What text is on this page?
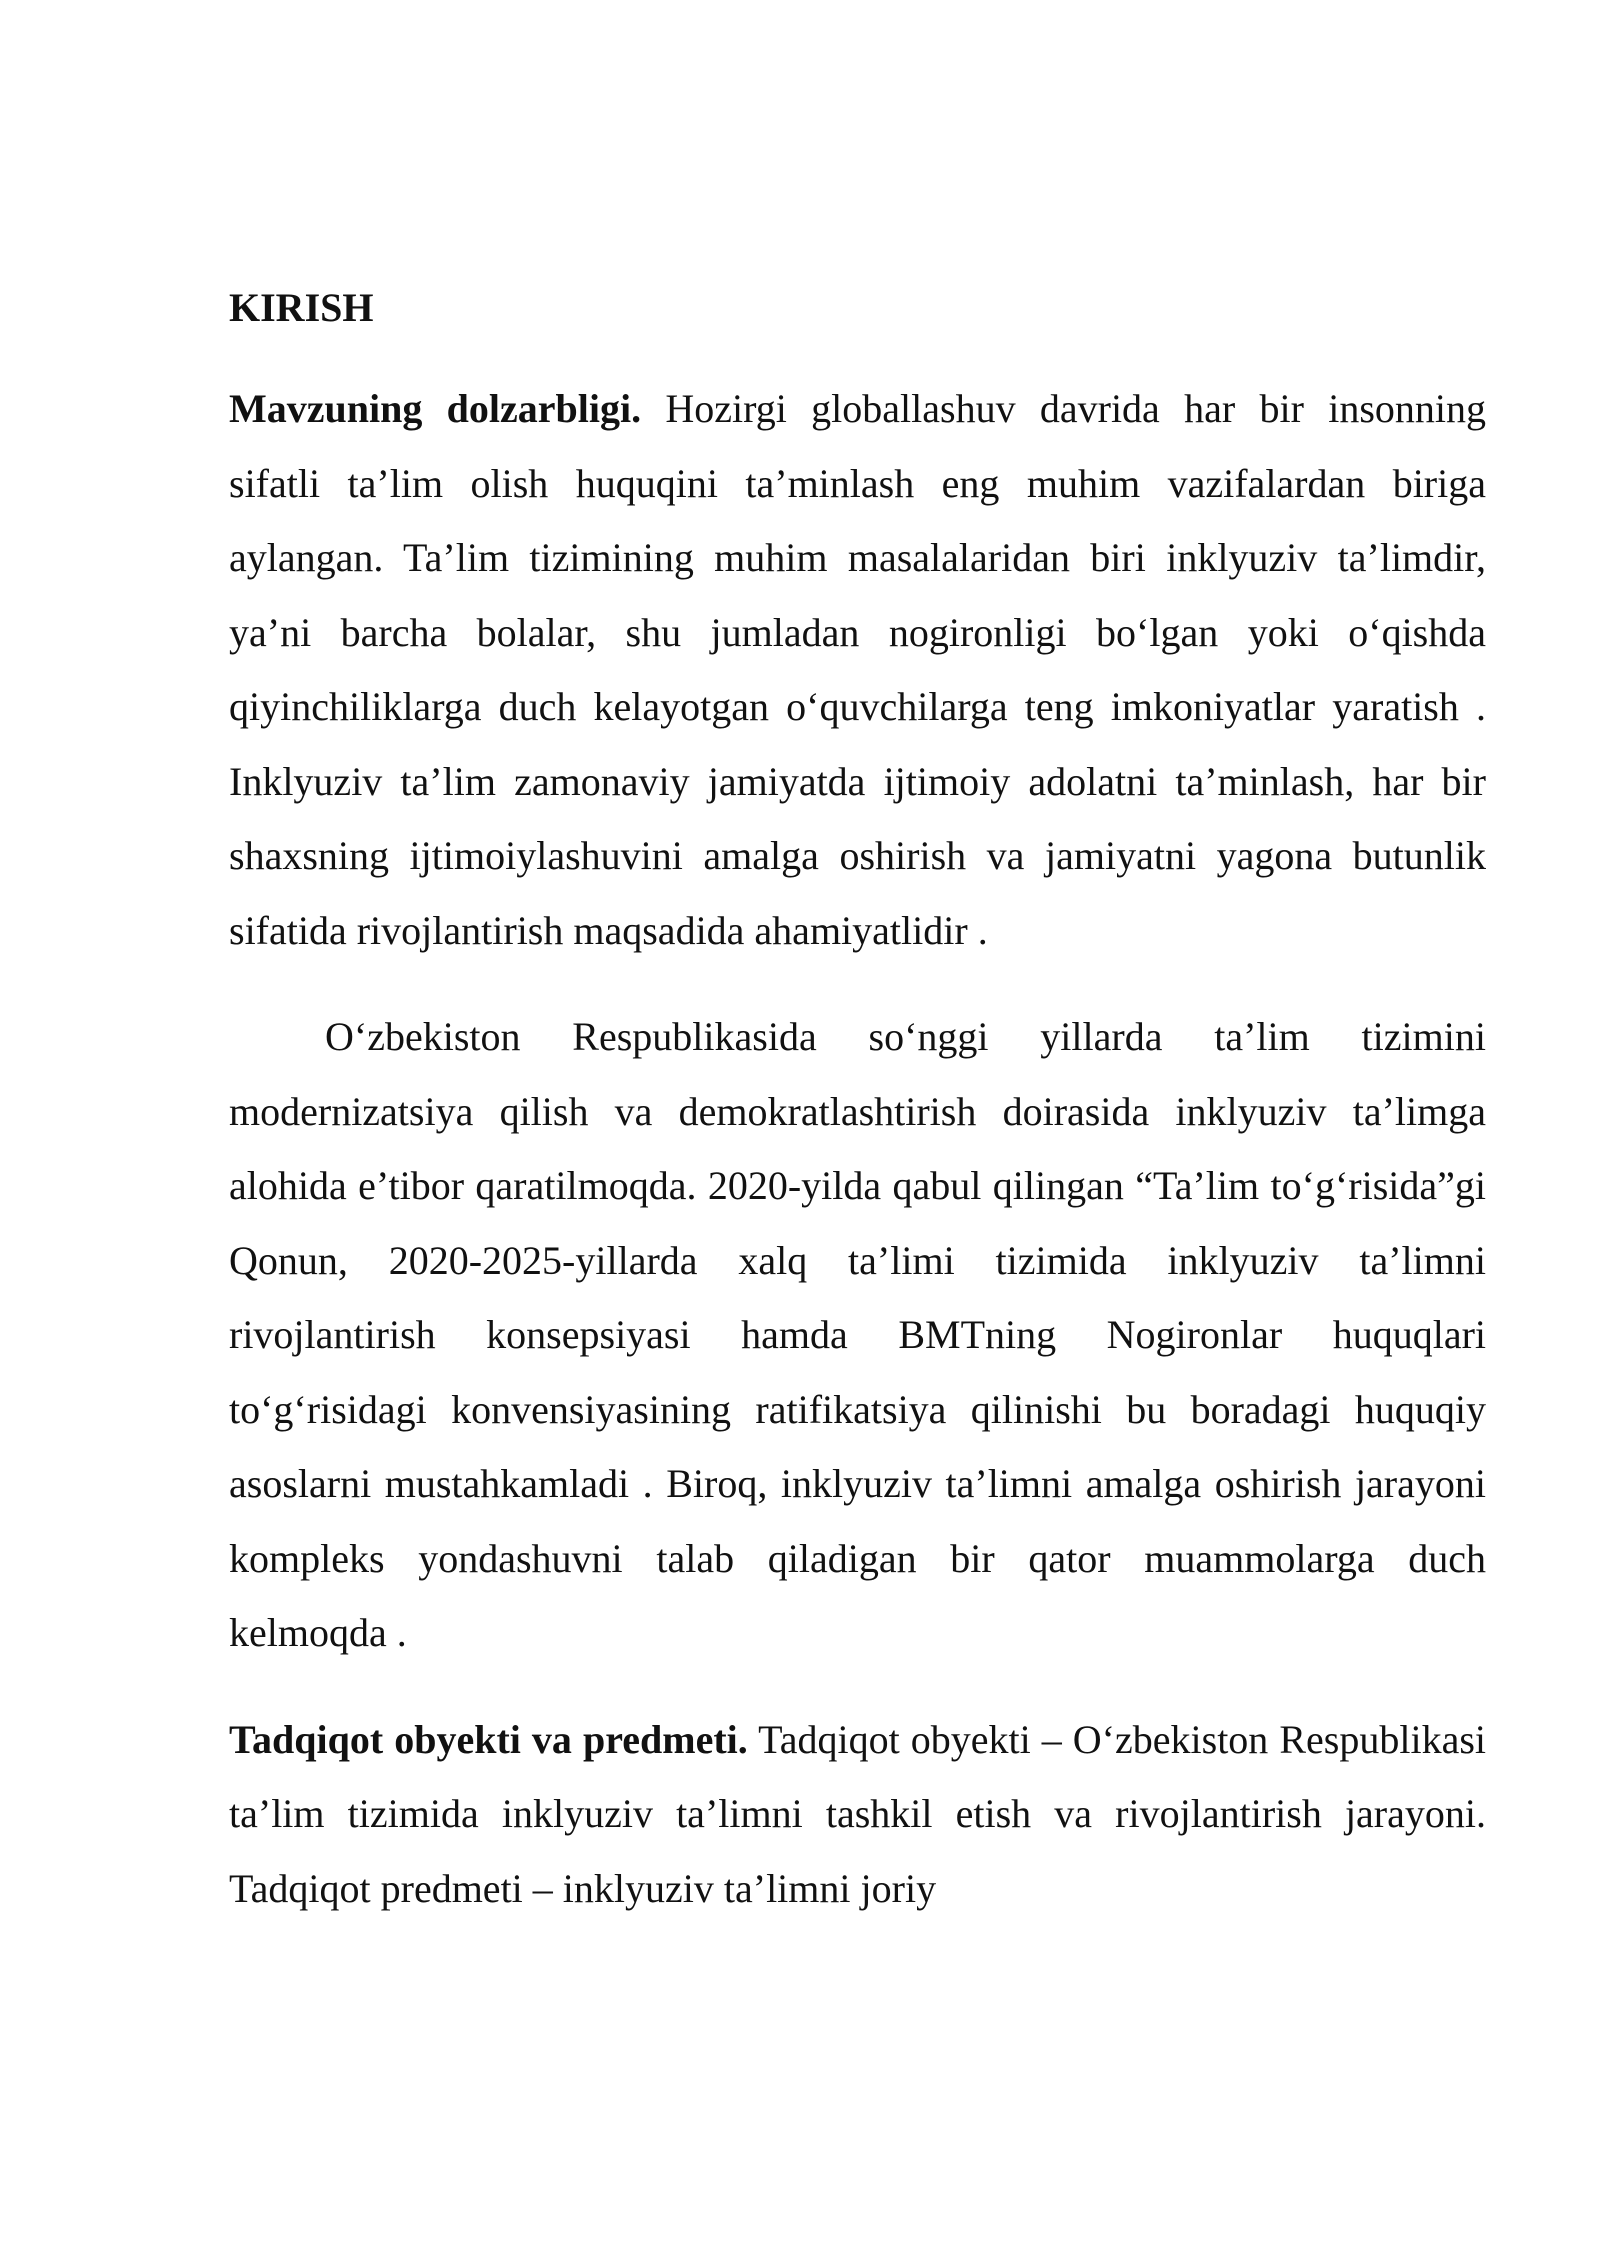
KIRISH

Mavzuning dolzarbligi. Hozirgi globallashuv davrida har bir insonning sifatli ta’lim olish huquqini ta’minlash eng muhim vazifalardan biriga aylangan. Ta’lim tizimining muhim masalalaridan biri inklyuziv ta’limdir, ya’ni barcha bolalar, shu jumladan nogironligi bo‘lgan yoki o‘qishda qiyinchiliklarga duch kelayotgan o‘quvchilarga teng imkoniyatlar yaratish . Inklyuziv ta’lim zamonaviy jamiyatda ijtimoiy adolatni ta’minlash, har bir shaxsning ijtimoiylashuvini amalga oshirish va jamiyatni yagona butunlik sifatida rivojlantirish maqsadida ahamiyatlidir .

O‘zbekiston Respublikasida so‘nggi yillarda ta’lim tizimini modernizatsiya qilish va demokratlashtirish doirasida inklyuziv ta’limga alohida e’tibor qaratilmoqda. 2020-yilda qabul qilingan “Ta’lim to‘g‘risida”gi Qonun, 2020-2025-yillarda xalq ta’limi tizimida inklyuziv ta’limni rivojlantirish konsepsiyasi hamda BMTning Nogironlar huquqlari to‘g‘risidagi konvensiyasining ratifikatsiya qilinishi bu boradagi huquqiy asoslarni mustahkamladi . Biroq, inklyuziv ta’limni amalga oshirish jarayoni kompleks yondashuvni talab qiladigan bir qator muammolarga duch kelmoqda .

Tadqiqot obyekti va predmeti. Tadqiqot obyekti – O‘zbekiston Respublikasi ta’lim tizimida inklyuziv ta’limni tashkil etish va rivojlantirish jarayoni. Tadqiqot predmeti – inklyuziv ta’limni joriy
